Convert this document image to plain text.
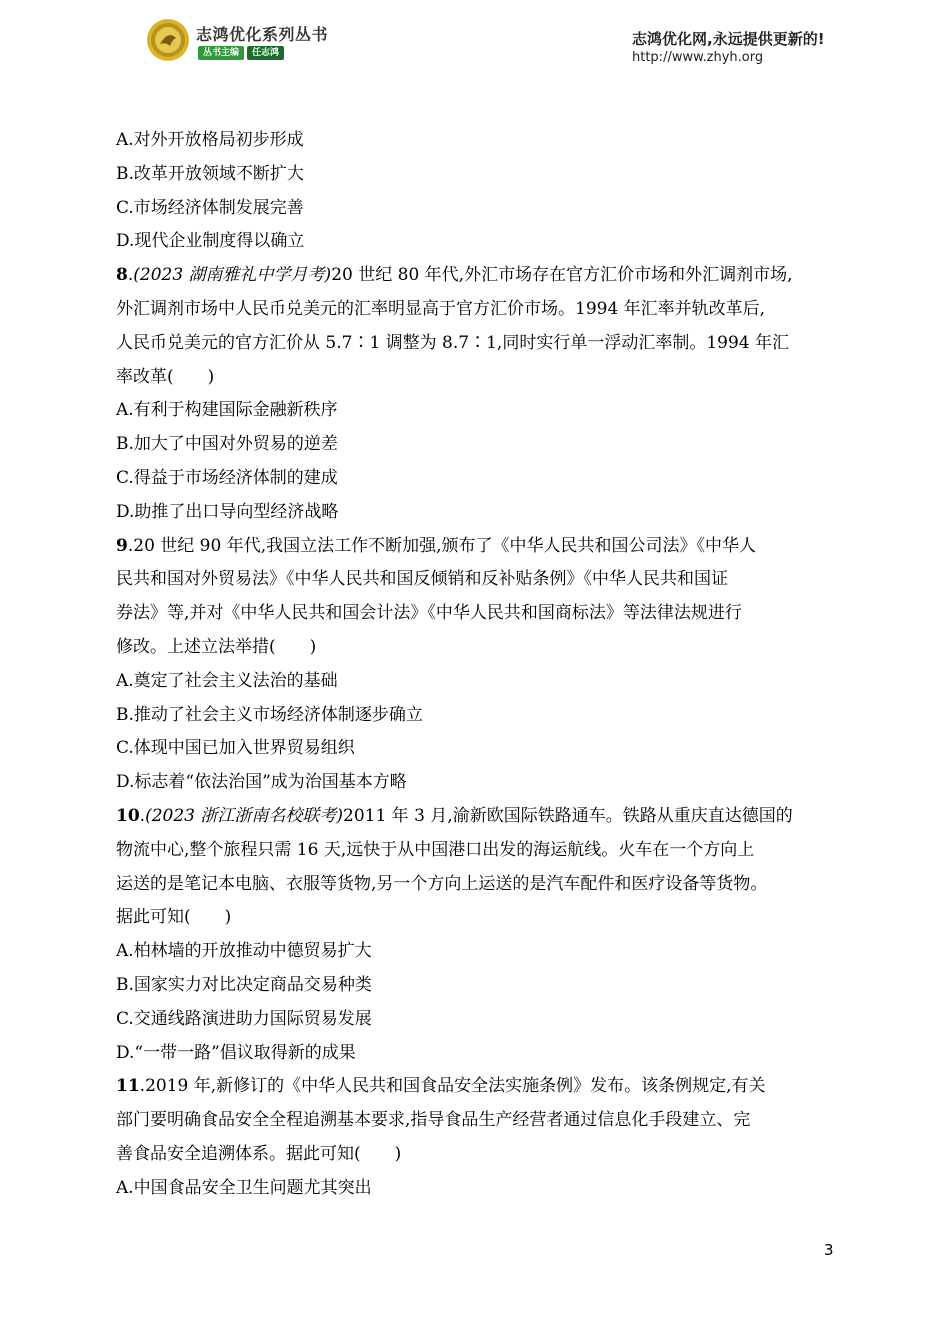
志鸿优化系列丛书
丛书主编	任志鸿
志鸿优化网,永远提供更新的!
http://www.zhyh.org
A.对外开放格局初步形成
B.改革开放领域不断扩大
C.市场经济体制发展完善
D.现代企业制度得以确立
8.(2023 湖南雅礼中学月考)20 世纪 80 年代,外汇市场存在官方汇价市场和外汇调剂市场,
外汇调剂市场中人民币兑美元的汇率明显高于官方汇价市场。1994 年汇率并轨改革后,
人民币兑美元的官方汇价从 5.7∶1 调整为 8.7∶1,同时实行单一浮动汇率制。1994 年汇
率改革(　　)
A.有利于构建国际金融新秩序
B.加大了中国对外贸易的逆差
C.得益于市场经济体制的建成
D.助推了出口导向型经济战略
9.20 世纪 90 年代,我国立法工作不断加强,颁布了《中华人民共和国公司法》《中华人
民共和国对外贸易法》《中华人民共和国反倾销和反补贴条例》《中华人民共和国证
券法》等,并对《中华人民共和国会计法》《中华人民共和国商标法》等法律法规进行
修改。上述立法举措(　　)
A.奠定了社会主义法治的基础
B.推动了社会主义市场经济体制逐步确立
C.体现中国已加入世界贸易组织
D.标志着“依法治国”成为治国基本方略
10.(2023 浙江浙南名校联考)2011 年 3 月,渝新欧国际铁路通车。铁路从重庆直达德国的
物流中心,整个旅程只需 16 天,远快于从中国港口出发的海运航线。火车在一个方向上
运送的是笔记本电脑、衣服等货物,另一个方向上运送的是汽车配件和医疗设备等货物。
据此可知(　　)
A.柏林墙的开放推动中德贸易扩大
B.国家实力对比决定商品交易种类
C.交通线路演进助力国际贸易发展
D.“一带一路”倡议取得新的成果
11.2019 年,新修订的《中华人民共和国食品安全法实施条例》发布。该条例规定,有关
部门要明确食品安全全程追溯基本要求,指导食品生产经营者通过信息化手段建立、完
善食品安全追溯体系。据此可知(　　)
A.中国食品安全卫生问题尤其突出
3
